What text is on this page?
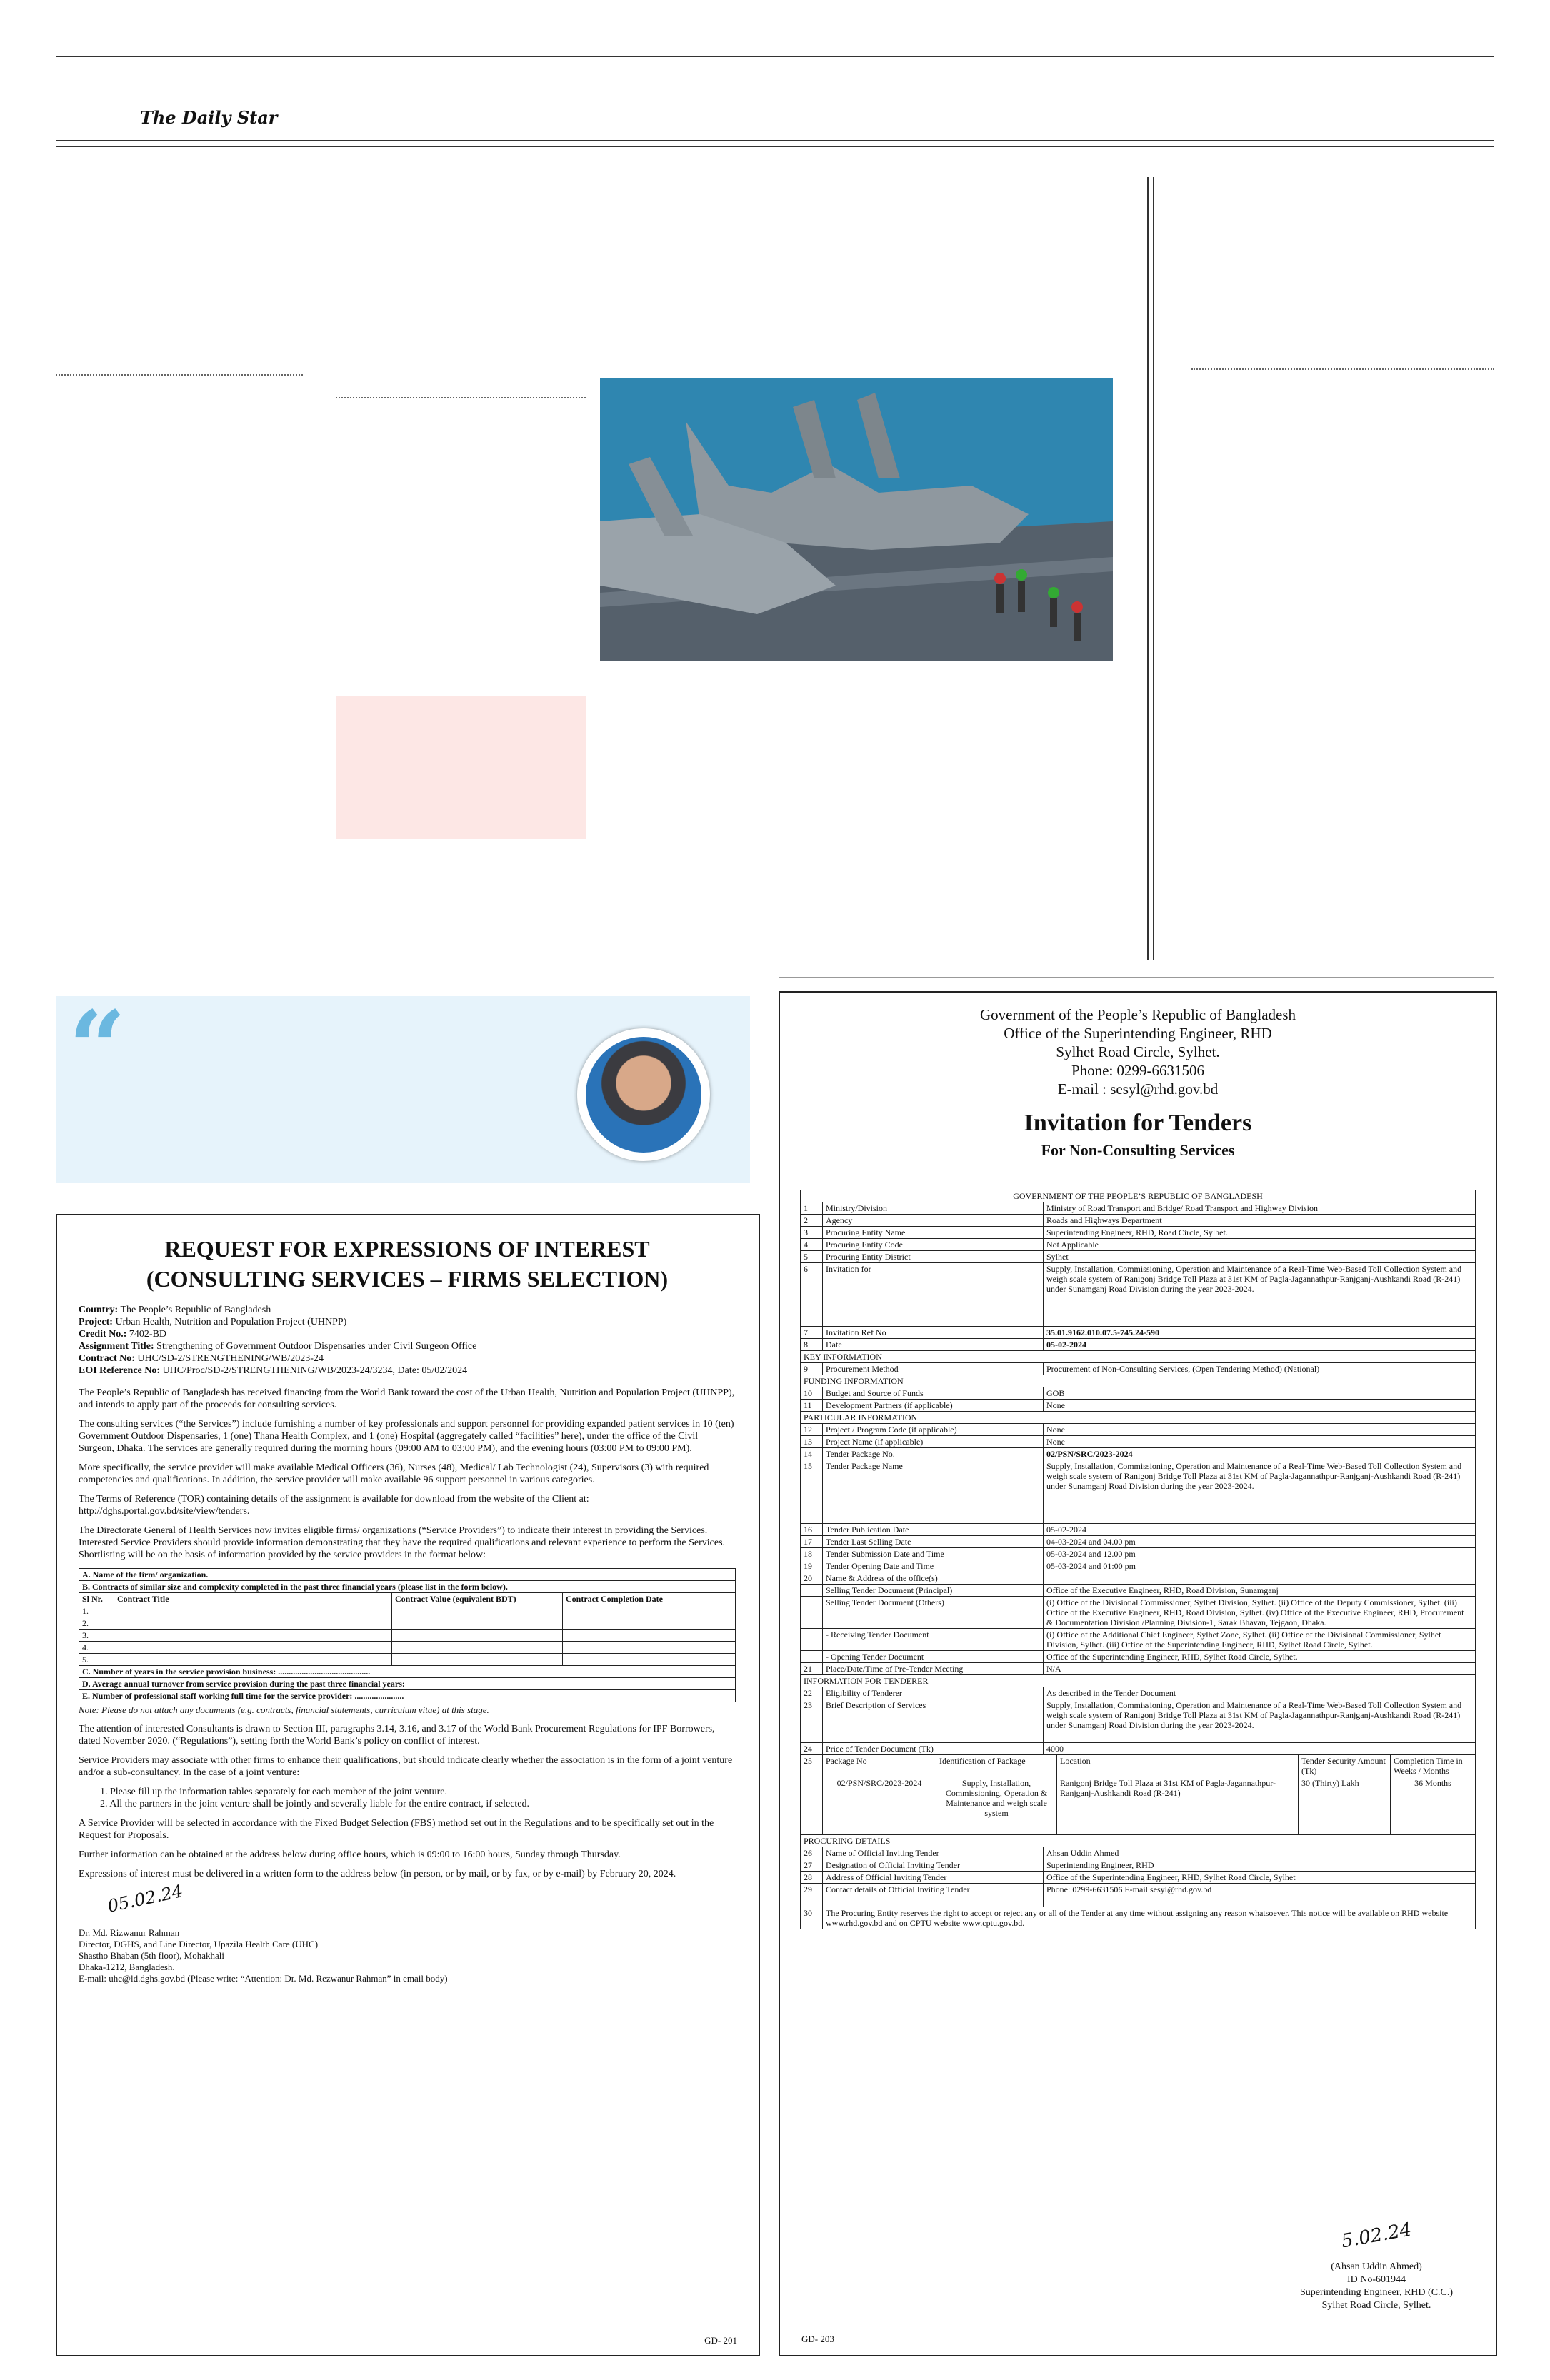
The Daily Star
“

REQUEST FOR EXPRESSIONS OF INTEREST

(CONSULTING SERVICES – FIRMS SELECTION)

Country: The People’s Republic of Bangladesh
Project: Urban Health, Nutrition and Population Project (UHNPP)
Credit No.: 7402-BD
Assignment Title: Strengthening of Government Outdoor Dispensaries under Civil Surgeon Office
Contract No: UHC/SD-2/STRENGTHENING/WB/2023-24
EOI Reference No: UHC/Proc/SD-2/STRENGTHENING/WB/2023-24/3234, Date: 05/02/2024

The People’s Republic of Bangladesh has received financing from the World Bank toward the cost of the Urban Health, Nutrition and Population Project (UHNPP), and intends to apply part of the proceeds for consulting services.

The consulting services (“the Services”) include furnishing a number of key professionals and support personnel for providing expanded patient services in 10 (ten) Government Outdoor Dispensaries, 1 (one) Thana Health Complex, and 1 (one) Hospital (aggregately called “facilities” here), under the office of the Civil Surgeon, Dhaka. The services are generally required during the morning hours (09:00 AM to 03:00 PM), and the evening hours (03:00 PM to 09:00 PM).

More specifically, the service provider will make available Medical Officers (36), Nurses (48), Medical/ Lab Technologist (24), Supervisors (3) with required competencies and qualifications. In addition, the service provider will make available 96 support personnel in various categories.

The Terms of Reference (TOR) containing details of the assignment is available for download from the website of the Client at: http://dghs.portal.gov.bd/site/view/tenders.

The Directorate General of Health Services now invites eligible firms/ organizations (“Service Providers”) to indicate their interest in providing the Services. Interested Service Providers should provide information demonstrating that they have the required qualifications and relevant experience to perform the Services. Shortlisting will be on the basis of information provided by the service providers in the format below:

A. Name of the firm/ organization.			
B. Contracts of similar size and complexity completed in the past three financial years (please list in the form below).			
Sl Nr.	Contract Title	Contract Value (equivalent BDT)	Contract Completion Date
1.			
2.			
3.			
4.			
5.			
C. Number of years in the service provision business: ...........................................			
D. Average annual turnover from service provision during the past three financial years:			
E. Number of professional staff working full time for the service provider: .......................			

Note: Please do not attach any documents (e.g. contracts, financial statements, curriculum vitae) at this stage.

The attention of interested Consultants is drawn to Section III, paragraphs 3.14, 3.16, and 3.17 of the World Bank Procurement Regulations for IPF Borrowers, dated November 2020. (“Regulations”), setting forth the World Bank’s policy on conflict of interest.

Service Providers may associate with other firms to enhance their qualifications, but should indicate clearly whether the association is in the form of a joint venture and/or a sub-consultancy. In the case of a joint venture:

1. Please fill up the information tables separately for each member of the joint venture.
2. All the partners in the joint venture shall be jointly and severally liable for the entire contract, if selected.

A Service Provider will be selected in accordance with the Fixed Budget Selection (FBS) method set out in the Regulations and to be specifically set out in the Request for Proposals.

Further information can be obtained at the address below during office hours, which is 09:00 to 16:00 hours, Sunday through Thursday.

Expressions of interest must be delivered in a written form to the address below (in person, or by mail, or by fax, or by e-mail) by February 20, 2024.

05.02.24
Dr. Md. Rizwanur Rahman
Director, DGHS, and Line Director, Upazila Health Care (UHC)
Shastho Bhaban (5th floor), Mohakhali
Dhaka-1212, Bangladesh.
E-mail: uhc@ld.dghs.gov.bd (Please write: “Attention: Dr. Md. Rezwanur Rahman” in email body)
GD- 201
Government of the People’s Republic of Bangladesh
Office of the Superintending Engineer, RHD
Sylhet Road Circle, Sylhet.
Phone: 0299-6631506
E-mail : sesyl@rhd.gov.bd
Invitation for Tenders
For Non-Consulting Services
GOVERNMENT OF THE PEOPLE’S REPUBLIC OF BANGLADESH
1	Ministry/Division	Ministry of Road Transport and Bridge/ Road Transport and Highway Division
2	Agency	Roads and Highways Department
3	Procuring Entity Name	Superintending Engineer, RHD, Road Circle, Sylhet.
4	Procuring Entity Code	Not Applicable
5	Procuring Entity District	Sylhet
6	Invitation for	Supply, Installation, Commissioning, Operation and Maintenance of a Real-Time Web-Based Toll Collection System and weigh scale system of Ranigonj Bridge Toll Plaza at 31st KM of Pagla-Jagannathpur-Ranjganj-Aushkandi Road (R-241) under Sunamganj Road Division during the year 2023-2024.
7	Invitation Ref No	35.01.9162.010.07.5-745.24-590
8	Date	05-02-2024
KEY INFORMATION
9	Procurement Method	Procurement of Non-Consulting Services, (Open Tendering Method) (National)
FUNDING INFORMATION
10	Budget and Source of Funds	GOB
11	Development Partners (if applicable)	None
PARTICULAR INFORMATION
12	Project / Program Code (if applicable)	None
13	Project Name (if applicable)	None
14	Tender Package No.	02/PSN/SRC/2023-2024
15	Tender Package Name	Supply, Installation, Commissioning, Operation and Maintenance of a Real-Time Web-Based Toll Collection System and weigh scale system of Ranigonj Bridge Toll Plaza at 31st KM of Pagla-Jagannathpur-Ranjganj-Aushkandi Road (R-241) under Sunamganj Road Division during the year 2023-2024.
16	Tender Publication Date	05-02-2024
17	Tender Last Selling Date	04-03-2024 and 04.00 pm
18	Tender Submission Date and Time	05-03-2024 and 12.00 pm
19	Tender Opening Date and Time	05-03-2024 and 01:00 pm
20	Name & Address of the office(s)	
	Selling Tender Document (Principal)	Office of the Executive Engineer, RHD, Road Division, Sunamganj
	Selling Tender Document (Others)	(i) Office of the Divisional Commissioner, Sylhet Division, Sylhet. (ii) Office of the Deputy Commissioner, Sylhet. (iii) Office of the Executive Engineer, RHD, Road Division, Sylhet. (iv) Office of the Executive Engineer, RHD, Procurement & Documentation Division /Planning Division-1, Sarak Bhavan, Tejgaon, Dhaka.
	- Receiving Tender Document	(i) Office of the Additional Chief Engineer, Sylhet Zone, Sylhet. (ii) Office of the Divisional Commissioner, Sylhet Division, Sylhet. (iii) Office of the Superintending Engineer, RHD, Sylhet Road Circle, Sylhet.
	- Opening Tender Document	Office of the Superintending Engineer, RHD, Sylhet Road Circle, Sylhet.
21	Place/Date/Time of Pre-Tender Meeting	N/A
INFORMATION FOR TENDERER
22	Eligibility of Tenderer	As described in the Tender Document
23	Brief Description of Services	Supply, Installation, Commissioning, Operation and Maintenance of a Real-Time Web-Based Toll Collection System and weigh scale system of Ranigonj Bridge Toll Plaza at 31st KM of Pagla-Jagannathpur-Ranjganj-Aushkandi Road (R-241) under Sunamganj Road Division during the year 2023-2024.
24	Price of Tender Document (Tk)	4000
25	Package No	Identification of Package	Location	Tender Security Amount (Tk)	Completion Time in Weeks / Months
02/PSN/SRC/2023-2024	Supply, Installation, Commissioning, Operation & Maintenance and weigh scale system	Ranigonj Bridge Toll Plaza at 31st KM of Pagla-Jagannathpur-Ranjganj-Aushkandi Road (R-241)	30 (Thirty) Lakh	36 Months

PROCURING DETAILS
26	Name of Official Inviting Tender	Ahsan Uddin Ahmed
27	Designation of Official Inviting Tender	Superintending Engineer, RHD
28	Address of Official Inviting Tender	Office of the Superintending Engineer, RHD, Sylhet Road Circle, Sylhet
29	Contact details of Official Inviting Tender	Phone: 0299-6631506 E-mail sesyl@rhd.gov.bd
30	The Procuring Entity reserves the right to accept or reject any or all of the Tender at any time without assigning any reason whatsoever. This notice will be available on RHD website www.rhd.gov.bd and on CPTU website www.cptu.gov.bd.
5.02.24
(Ahsan Uddin Ahmed)
ID No-601944
Superintending Engineer, RHD (C.C.)
Sylhet Road Circle, Sylhet.
GD- 203
